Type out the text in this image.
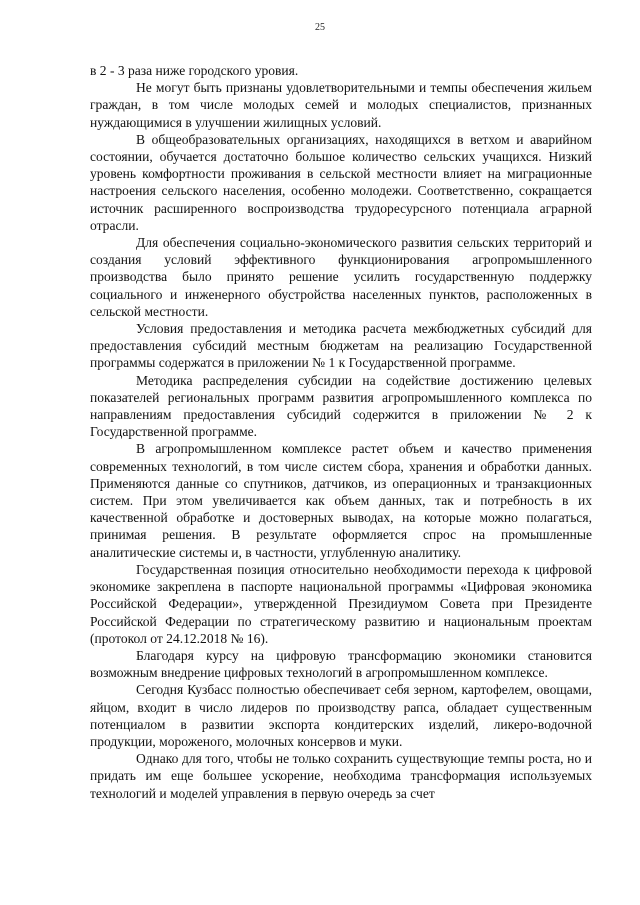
25

в 2 - 3 раза ниже городского уровия.

Не могут быть признаны удовлетворительными и темпы обеспечения жильем граждан, в том числе молодых семей и молодых специалистов, признанных нуждающимися в улучшении жилищных условий.

В общеобразовательных организациях, находящихся в ветхом и аварийном состоянии, обучается достаточно большое количество сельских учащихся. Низкий уровень комфортности проживания в сельской местности влияет на миграционные настроения сельского населения, особенно молодежи. Соответственно, сокращается источник расширенного воспроизводства трудоресурсного потенциала аграрной отрасли.

Для обеспечения социально-экономического развития сельских территорий и создания условий эффективного функционирования агропромышленного производства было принято решение усилить государственную поддержку социального и инженерного обустройства населенных пунктов, расположенных в сельской местности.

Условия предоставления и методика расчета межбюджетных субсидий для предоставления субсидий местным бюджетам на реализацию Государственной программы содержатся в приложении № 1 к Государственной программе.

Методика распределения субсидии на содействие достижению целевых показателей региональных программ развития агропромышленного комплекса по направлениям предоставления субсидий содержится в приложении № 2 к Государственной программе.

В агропромышленном комплексе растет объем и качество применения современных технологий, в том числе систем сбора, хранения и обработки данных. Применяются данные со спутников, датчиков, из операционных и транзакционных систем. При этом увеличивается как объем данных, так и потребность в их качественной обработке и достоверных выводах, на которые можно полагаться, принимая решения. В результате оформляется спрос на промышленные аналитические системы и, в частности, углубленную аналитику.

Государственная позиция относительно необходимости перехода к цифровой экономике закреплена в паспорте национальной программы «Цифровая экономика Российской Федерации», утвержденной Президиумом Совета при Президенте Российской Федерации по стратегическому развитию и национальным проектам (протокол от 24.12.2018 № 16).

Благодаря курсу на цифровую трансформацию экономики становится возможным внедрение цифровых технологий в агропромышленном комплексе.

Сегодня Кузбасс полностью обеспечивает себя зерном, картофелем, овощами, яйцом, входит в число лидеров по производству рапса, обладает существенным потенциалом в развитии экспорта кондитерских изделий, ликеро-водочной продукции, мороженого, молочных консервов и муки.

Однако для того, чтобы не только сохранить существующие темпы роста, но и придать им еще большее ускорение, необходима трансформация используемых технологий и моделей управления в первую очередь за счет
